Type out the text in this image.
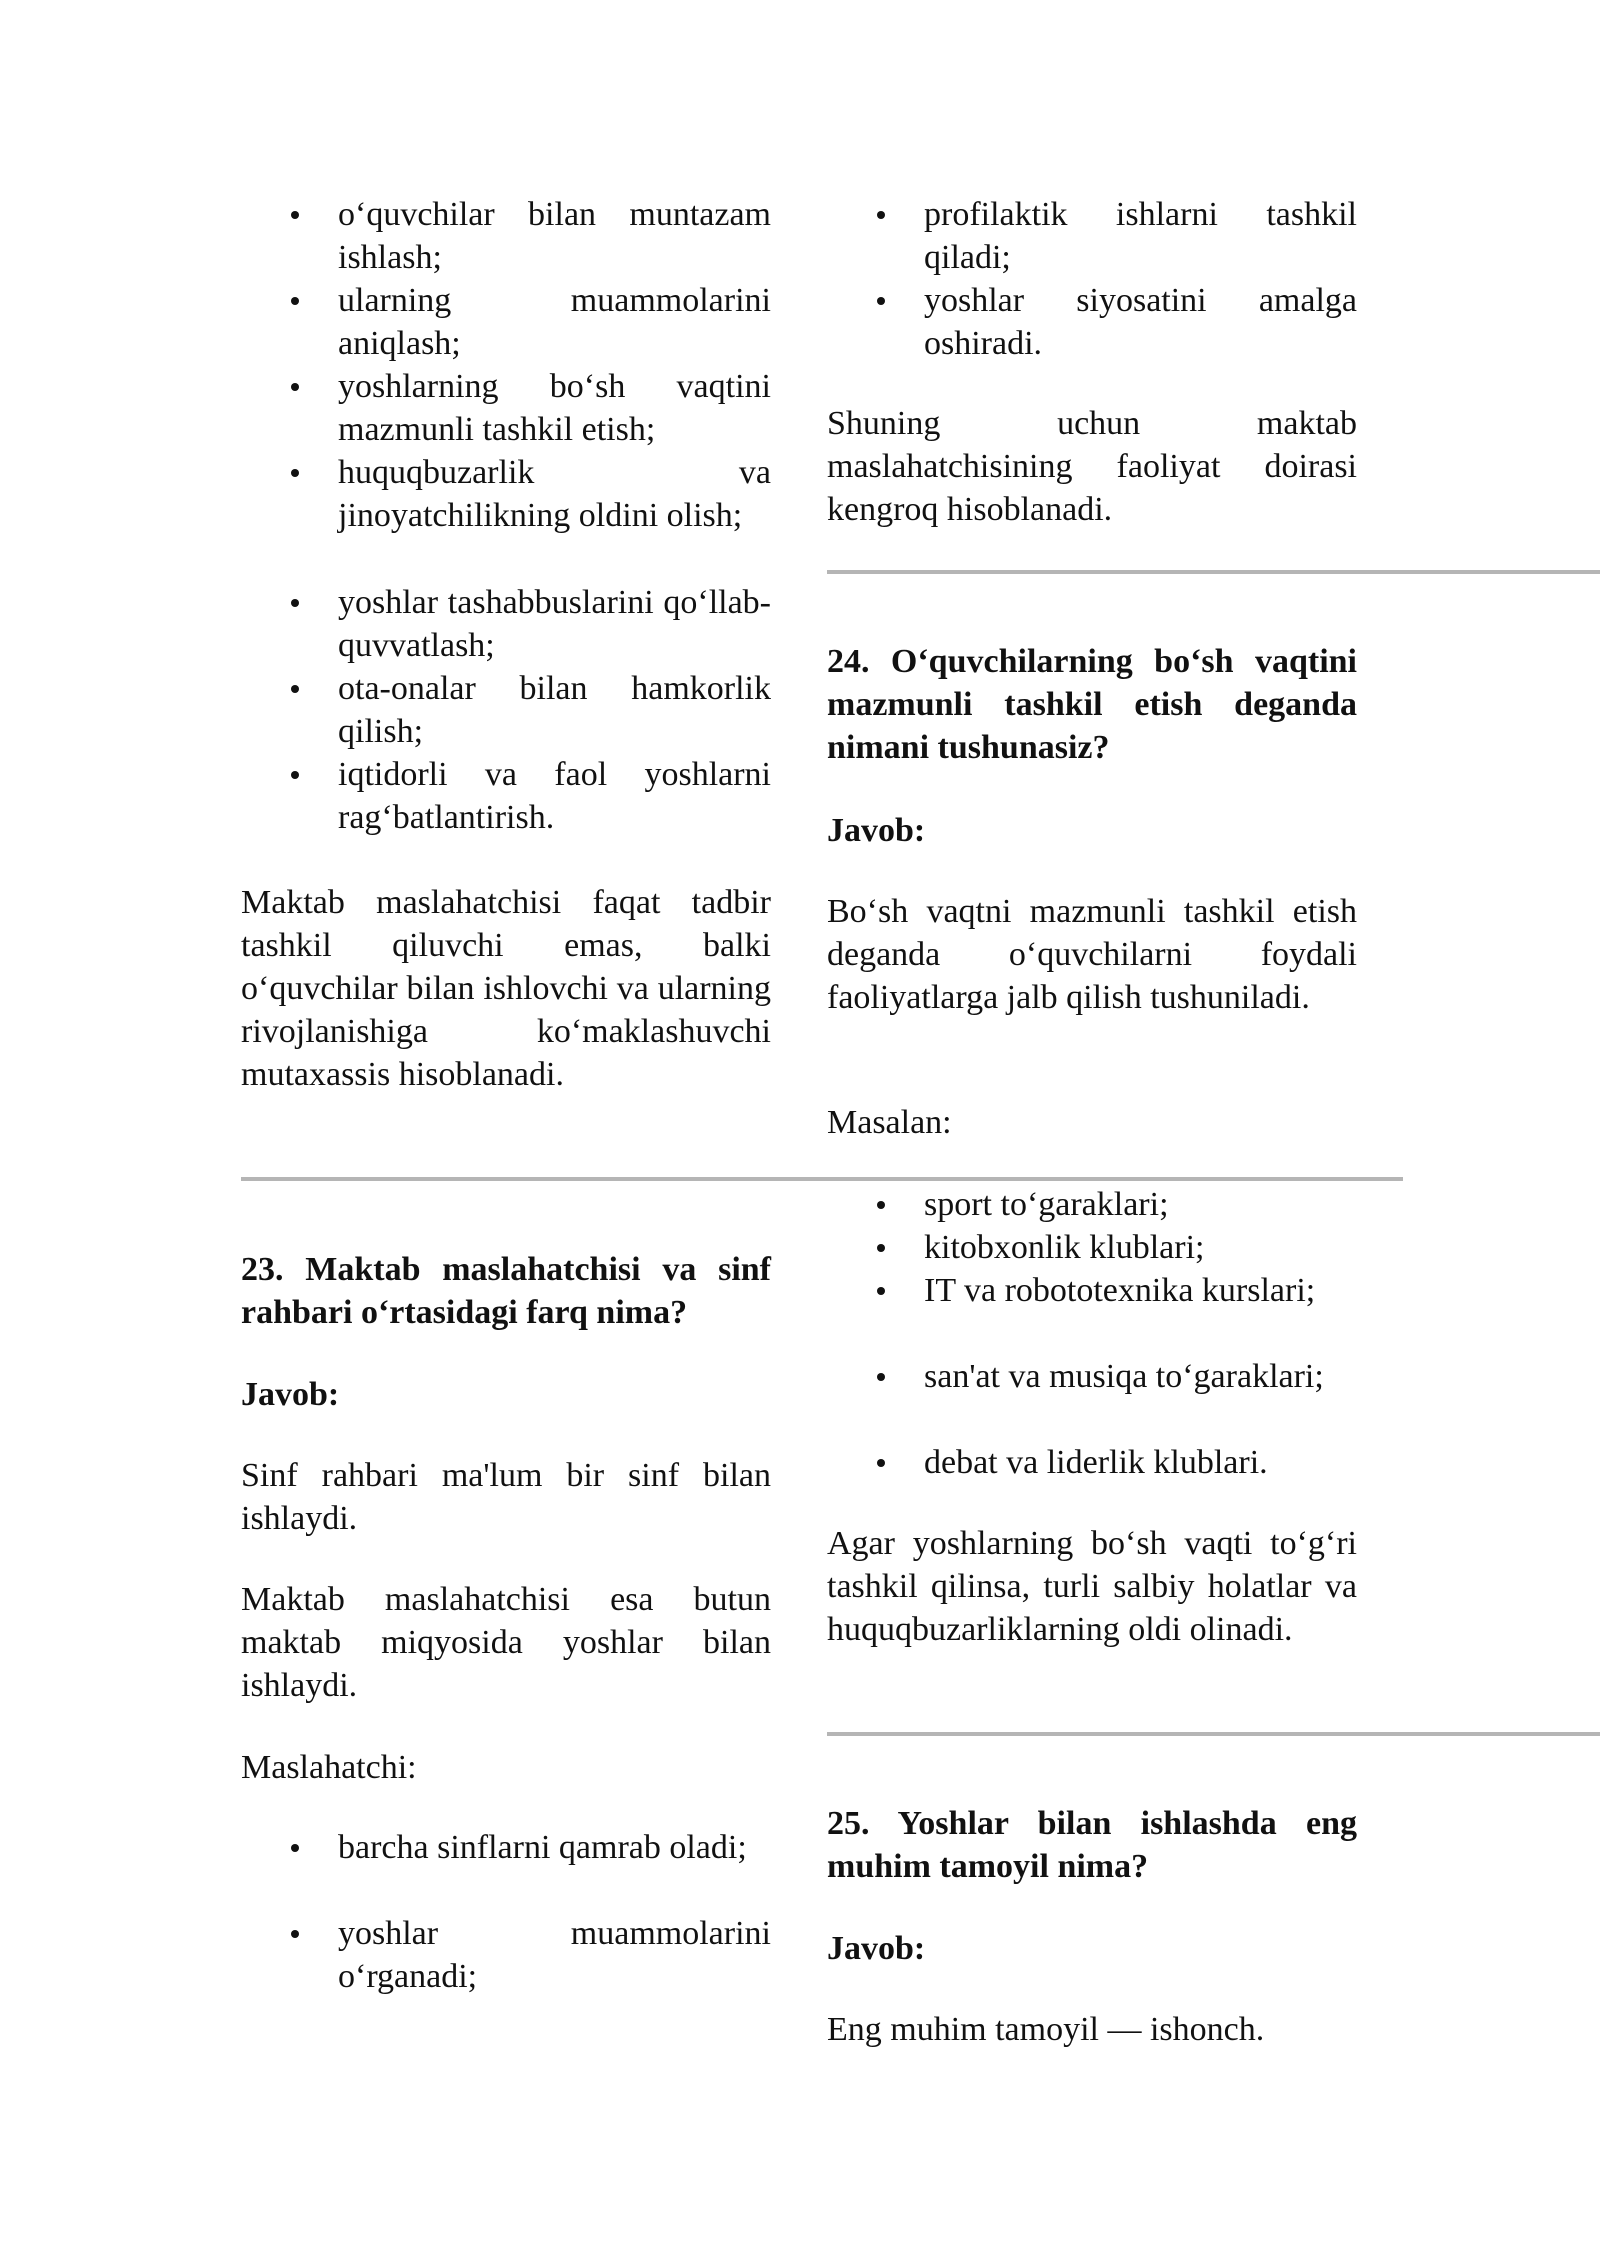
o‘quvchilar bilan muntazam ishlash;
ularning muammolarini aniqlash;
yoshlarning bo‘sh vaqtini mazmunli tashkil etish;
huquqbuzarlik va jinoyatchilikning oldini olish;
yoshlar tashabbuslarini qo‘llab-quvvatlash;
ota-onalar bilan hamkorlik qilish;
iqtidorli va faol yoshlarni rag‘batlantirish.

Maktab maslahatchisi faqat tadbir tashkil qiluvchi emas, balki o‘quvchilar bilan ishlovchi va ularning rivojlanishiga ko‘maklashuvchi mutaxassis hisoblanadi.

23. Maktab maslahatchisi va sinf rahbari o‘rtasidagi farq nima?

Javob:

Sinf rahbari ma'lum bir sinf bilan ishlaydi.

Maktab maslahatchisi esa butun maktab miqyosida yoshlar bilan ishlaydi.

Maslahatchi:

barcha sinflarni qamrab oladi;
yoshlar muammolarini o‘rganadi;
profilaktik ishlarni tashkil qiladi;
yoshlar siyosatini amalga oshiradi.

Shuning uchun maktab maslahatchisining faoliyat doirasi kengroq hisoblanadi.

24. O‘quvchilarning bo‘sh vaqtini mazmunli tashkil etish deganda nimani tushunasiz?

Javob:

Bo‘sh vaqtni mazmunli tashkil etish deganda o‘quvchilarni foydali faoliyatlarga jalb qilish tushuniladi.

Masalan:

sport to‘garaklari;
kitobxonlik klublari;
IT va robototexnika kurslari;
san'at va musiqa to‘garaklari;
debat va liderlik klublari.

Agar yoshlarning bo‘sh vaqti to‘g‘ri tashkil qilinsa, turli salbiy holatlar va huquqbuzarliklarning oldi olinadi.

25. Yoshlar bilan ishlashda eng muhim tamoyil nima?

Javob:

Eng muhim tamoyil — ishonch.
